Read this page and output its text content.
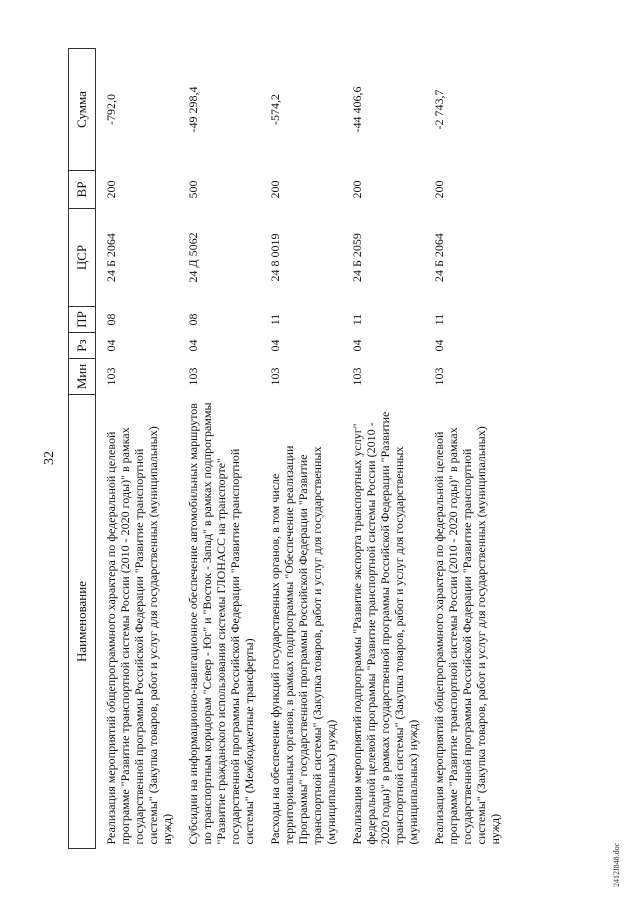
32
Наименование	Мин	Рз	ПР	ЦСР	ВР	Сумма
Реализация мероприятий общепрограммного характера по федеральной целевой программе "Развитие транспортной системы России (2010 - 2020 годы)" в рамках государственной программы Российской Федерации "Развитие транспортной системы" (Закупка товаров, работ и услуг для государственных (муниципальных) нужд)	103	04	08	24 Б 2064	200	-792,0
Субсидии на информационно-навигационное обеспечение автомобильных маршрутов по транспортным коридорам "Север - Юг" и "Восток - Запад" в рамках подпрограммы "Развитие гражданского использования системы ГЛОНАСС на транспорте" государственной программы Российской Федерации "Развитие транспортной системы" (Межбюджетные трансферты)	103	04	08	24 Д 5062	500	-49 298,4
Расходы на обеспечение функций государственных органов, в том числе территориальных органов, в рамках подпрограммы "Обеспечение реализации Программы" государственной программы Российской Федерации "Развитие транспортной системы" (Закупка товаров, работ и услуг для государственных (муниципальных) нужд)	103	04	11	24 8 0019	200	-574,2
Реализация мероприятий подпрограммы "Развитие экспорта транспортных услуг" федеральной целевой программы "Развитие транспортной системы России (2010 - 2020 годы)" в рамках государственной программы Российской Федерации "Развитие транспортной системы" (Закупка товаров, работ и услуг для государственных (муниципальных) нужд)	103	04	11	24 Б 2059	200	-44 406,6
Реализация мероприятий общепрограммного характера по федеральной целевой программе "Развитие транспортной системы России (2010 - 2020 годы)" в рамках государственной программы Российской Федерации "Развитие транспортной системы" (Закупка товаров, работ и услуг для государственных (муниципальных) нужд)	103	04	11	24 Б 2064	200	-2 743,7
2412I848.doc
